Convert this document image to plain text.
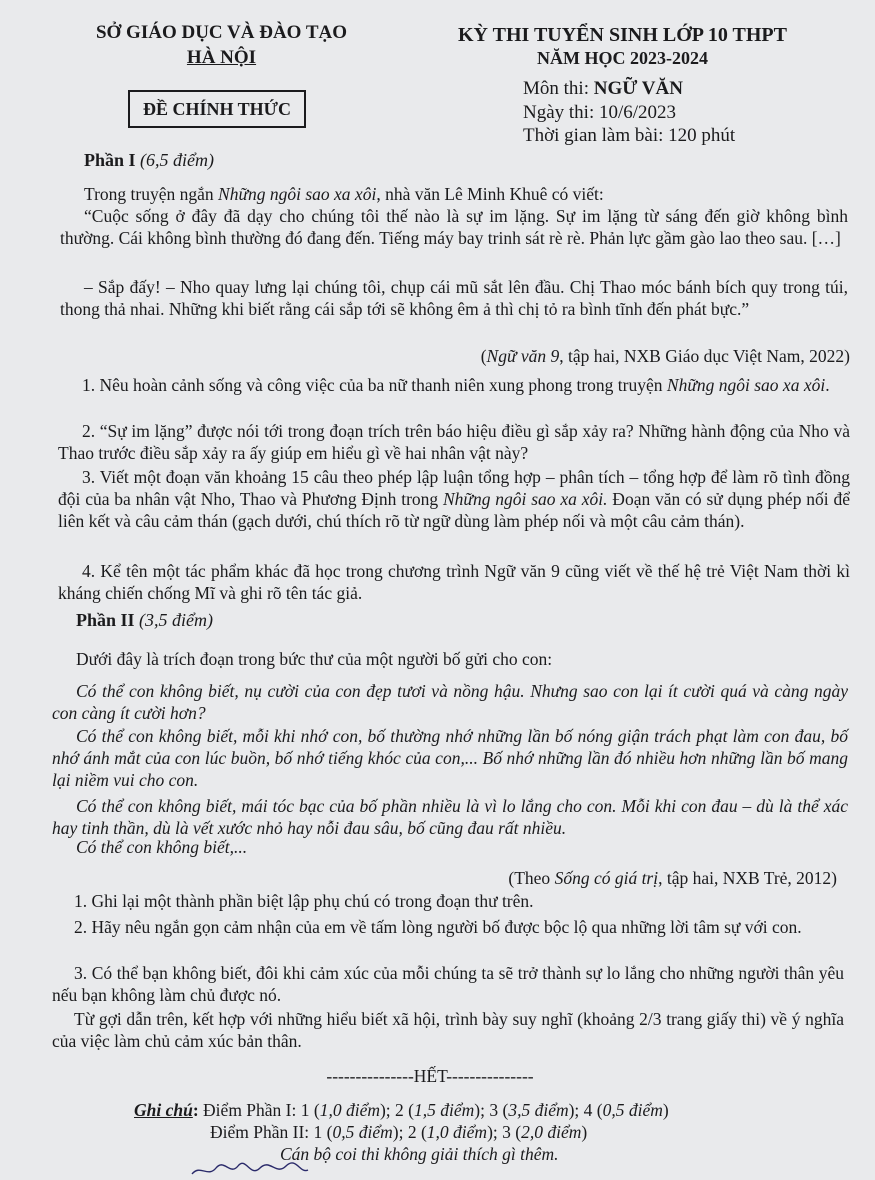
SỞ GIÁO DỤC VÀ ĐÀO TẠO
HÀ NỘI
KỲ THI TUYỂN SINH LỚP 10 THPT
NĂM HỌC 2023-2024
ĐỀ CHÍNH THỨC
Môn thi: NGỮ VĂN
Ngày thi: 10/6/2023
Thời gian làm bài: 120 phút
Phần I (6,5 điểm)
Trong truyện ngắn Những ngôi sao xa xôi, nhà văn Lê Minh Khuê có viết:
“Cuộc sống ở đây đã dạy cho chúng tôi thế nào là sự im lặng. Sự im lặng từ sáng đến giờ không bình thường. Cái không bình thường đó đang đến. Tiếng máy bay trinh sát rè rè. Phản lực gầm gào lao theo sau. […]
– Sắp đấy! – Nho quay lưng lại chúng tôi, chụp cái mũ sắt lên đầu. Chị Thao móc bánh bích quy trong túi, thong thả nhai. Những khi biết rằng cái sắp tới sẽ không êm ả thì chị tỏ ra bình tĩnh đến phát bực.”
(Ngữ văn 9, tập hai, NXB Giáo dục Việt Nam, 2022)
1. Nêu hoàn cảnh sống và công việc của ba nữ thanh niên xung phong trong truyện Những ngôi sao xa xôi.
2. “Sự im lặng” được nói tới trong đoạn trích trên báo hiệu điều gì sắp xảy ra? Những hành động của Nho và Thao trước điều sắp xảy ra ấy giúp em hiểu gì về hai nhân vật này?
3. Viết một đoạn văn khoảng 15 câu theo phép lập luận tổng hợp – phân tích – tổng hợp để làm rõ tình đồng đội của ba nhân vật Nho, Thao và Phương Định trong Những ngôi sao xa xôi. Đoạn văn có sử dụng phép nối để liên kết và câu cảm thán (gạch dưới, chú thích rõ từ ngữ dùng làm phép nối và một câu cảm thán).
4. Kể tên một tác phẩm khác đã học trong chương trình Ngữ văn 9 cũng viết về thế hệ trẻ Việt Nam thời kì kháng chiến chống Mĩ và ghi rõ tên tác giả.
Phần II (3,5 điểm)
Dưới đây là trích đoạn trong bức thư của một người bố gửi cho con:
Có thể con không biết, nụ cười của con đẹp tươi và nồng hậu. Nhưng sao con lại ít cười quá và càng ngày con càng ít cười hơn?
Có thể con không biết, mỗi khi nhớ con, bố thường nhớ những lần bố nóng giận trách phạt làm con đau, bố nhớ ánh mắt của con lúc buồn, bố nhớ tiếng khóc của con,... Bố nhớ những lần đó nhiều hơn những lần bố mang lại niềm vui cho con.
Có thể con không biết, mái tóc bạc của bố phần nhiều là vì lo lắng cho con. Mỗi khi con đau – dù là thể xác hay tinh thần, dù là vết xước nhỏ hay nỗi đau sâu, bố cũng đau rất nhiều.
Có thể con không biết,...
(Theo Sống có giá trị, tập hai, NXB Trẻ, 2012)
1. Ghi lại một thành phần biệt lập phụ chú có trong đoạn thư trên.
2. Hãy nêu ngắn gọn cảm nhận của em về tấm lòng người bố được bộc lộ qua những lời tâm sự với con.
3. Có thể bạn không biết, đôi khi cảm xúc của mỗi chúng ta sẽ trở thành sự lo lắng cho những người thân yêu nếu bạn không làm chủ được nó.
Từ gợi dẫn trên, kết hợp với những hiểu biết xã hội, trình bày suy nghĩ (khoảng 2/3 trang giấy thi) về ý nghĩa của việc làm chủ cảm xúc bản thân.
---------------HẾT---------------
Ghi chú: Điểm Phần I: 1 (1,0 điểm); 2 (1,5 điểm); 3 (3,5 điểm); 4 (0,5 điểm)
Điểm Phần II: 1 (0,5 điểm); 2 (1,0 điểm); 3 (2,0 điểm)
Cán bộ coi thi không giải thích gì thêm.
